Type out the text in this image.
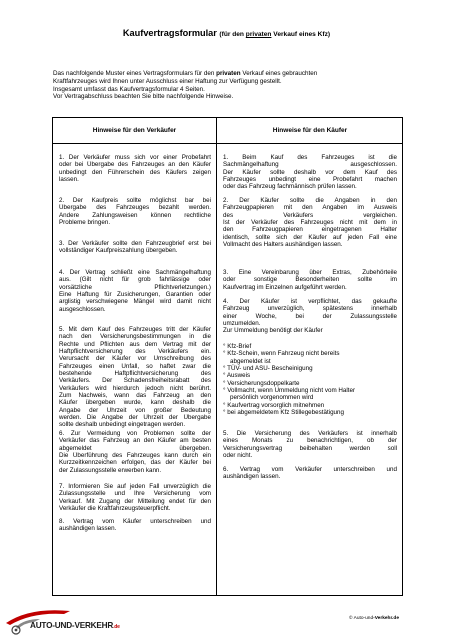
Kaufvertragsformular (für den privaten Verkauf eines Kfz)
Das nachfolgende Muster eines Vertragsformulars für den privaten Verkauf eines gebrauchten
Kraftfahrzeuges wird Ihnen unter Ausschluss einer Haftung zur Verfügung gestellt.
Insgesamt umfasst das Kaufvertragsformular 4 Seiten.
Vor Vertragabschluss beachten Sie bitte nachfolgende Hinweise.
Hinweise für den Verkäufer	Hinweise für den Käufer
1. Der Verkäufer muss sich vor einer Probefahrt
oder bei Übergabe des Fahrzeuges an den Käufer
unbedingt den Führerschein des Käufers zeigen
lassen.
2. Der Kaufpreis sollte möglichst bar bei
Übergabe des Fahrzeuges bezahlt werden.
Andere Zahlungsweisen können rechtliche
Probleme bringen.
3. Der Verkäufer sollte den Fahrzeugbrief erst bei
vollständiger Kaufpreiszahlung übergeben.
4. Der Vertrag schließt eine Sachmängelhaftung
aus. (Gilt nicht für grob fahrlässige oder
vorsätzliche Pflichtverletzungen.)
Eine Haftung für Zusicherungen, Garantien oder
arglistig verschwiegene Mängel wird damit nicht
ausgeschlossen.
5. Mit dem Kauf des Fahrzeuges tritt der Käufer
nach den Versicherungsbestimmungen in die
Rechte und Pflichten aus dem Vertrag mit der
Haftpflichtversicherung des Verkäufers ein.
Verursacht der Käufer vor Umschreibung des
Fahrzeuges einen Unfall, so haftet zwar die
bestehende Haftpflichtversicherung des
Verkäufers. Der Schadensfreiheitsrabatt des
Verkäufers wird hierdurch jedoch nicht berührt.
Zum Nachweis, wann das Fahrzeug an den
Käufer übergeben wurde, kann deshalb die
Angabe der Uhrzeit von großer Bedeutung
werden. Die Angabe der Uhrzeit der Übergabe
sollte deshalb unbedingt eingetragen werden.
6. Zur Vermeidung von Problemen sollte der
Verkäufer das Fahrzeug an den Käufer am besten
abgemeldet übergeben.
Die Überführung des Fahrzeuges kann durch ein
Kurzzeitkennzeichen erfolgen, das der Käufer bei
der Zulassungsstelle erwerben kann.
7. Informieren Sie auf jeden Fall unverzüglich die
Zulassungsstelle und Ihre Versicherung vom
Verkauf. Mit Zugang der Mitteilung endet für den
Verkäufer die Kraftfahrzeugsteuerpflicht.
8. Vertrag vom Käufer unterschreiben und
aushändigen lassen.
1. Beim Kauf des Fahrzeuges ist die
Sachmängelhaftung ausgeschlossen.
Der Käufer sollte deshalb vor dem Kauf des
Fahrzeuges unbedingt eine Probefahrt machen
oder das Fahrzeug fachmännisch prüfen lassen.
2. Der Käufer sollte die Angaben in den
Fahrzeugpapieren mit den Angaben im Ausweis
des Verkäufers vergleichen.
Ist der Verkäufer des Fahrzeuges nicht mit dem in
den Fahrzeugpapieren eingetragenen Halter
identisch, sollte sich der Käufer auf jeden Fall eine
Vollmacht des Halters aushändigen lassen.
3. Eine Vereinbarung über Extras, Zubehörteile
oder sonstige Besonderheiten sollte im
Kaufvertrag im Einzelnen aufgeführt werden.
4. Der Käufer ist verpflichtet, das gekaufte
Fahrzeug unverzüglich, spätestens innerhalb
einer Woche, bei der Zulassungsstelle
umzumelden.
Zur Ummeldung benötigt der Käufer
° Kfz-Brief
° Kfz-Schein, wenn Fahrzeug nicht bereits
abgemeldet ist
° TÜV- und ASU- Bescheinigung
° Ausweis
° Versicherungsdoppelkarte
° Vollmacht, wenn Ummeldung nicht vom Halter
persönlich vorgenommen wird
° Kaufvertrag vorsorglich mitnehmen
° bei abgemeldetem Kfz Stillegebestätigung
5. Die Versicherung des Verkäufers ist innerhalb
eines Monats zu benachrichtigen, ob der
Versicherungsvertrag beibehalten werden soll
oder nicht.
6. Vertrag vom Verkäufer unterschreiben und
aushändigen lassen.
AUTO-UND-VERKEHR.de
© Auto-und-Verkehr.de
